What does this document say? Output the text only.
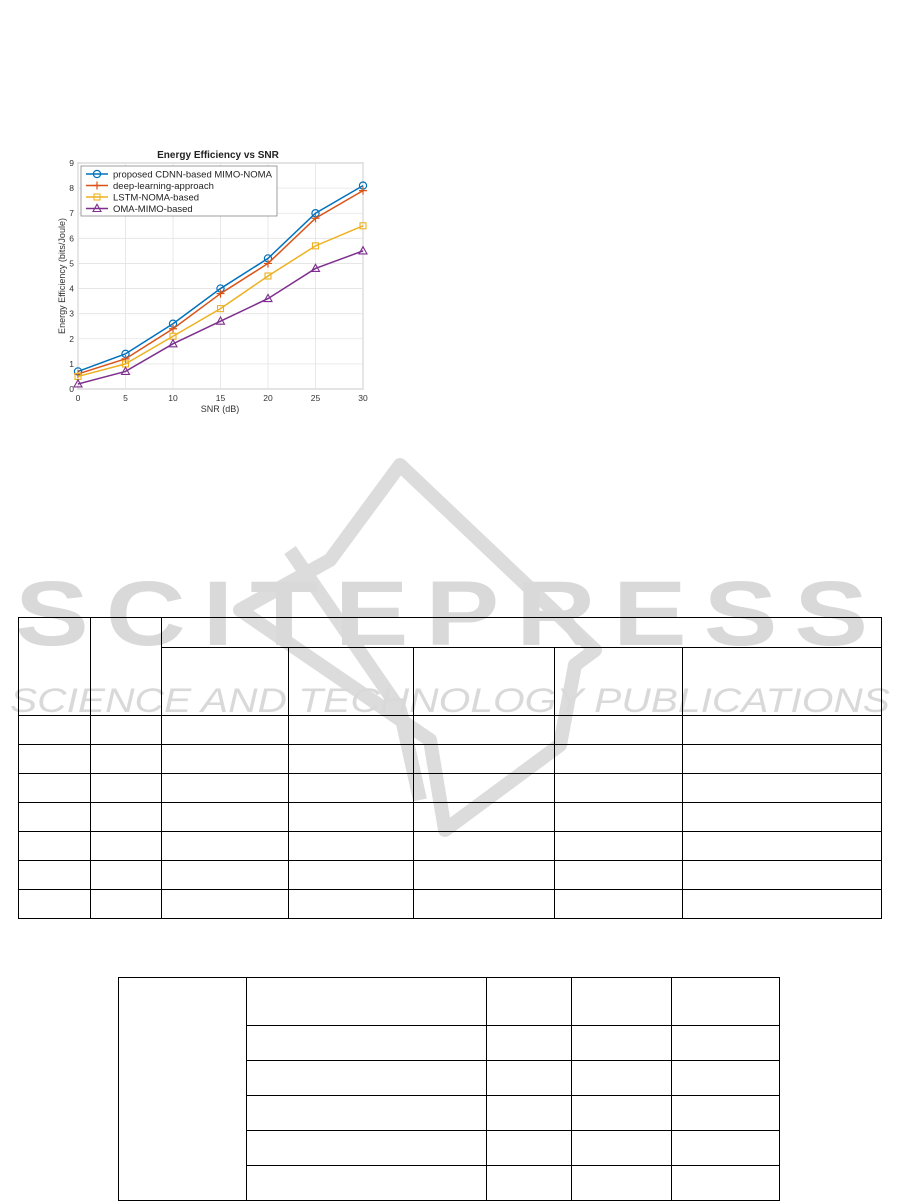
SCITEPRESS
SCIENCE AND TECHNOLOGY PUBLICATIONS
Energy Efficiency vs SNR
0	5	10	15	20	25	30
0
1
2
3
4
5
6
7
8
9
SNR (dB)
Energy Efficiency (bits/Joule)
proposed CDNN-based MIMO-NOMA
deep-learning-approach
LSTM-NOMA-based
OMA-MIMO-based
